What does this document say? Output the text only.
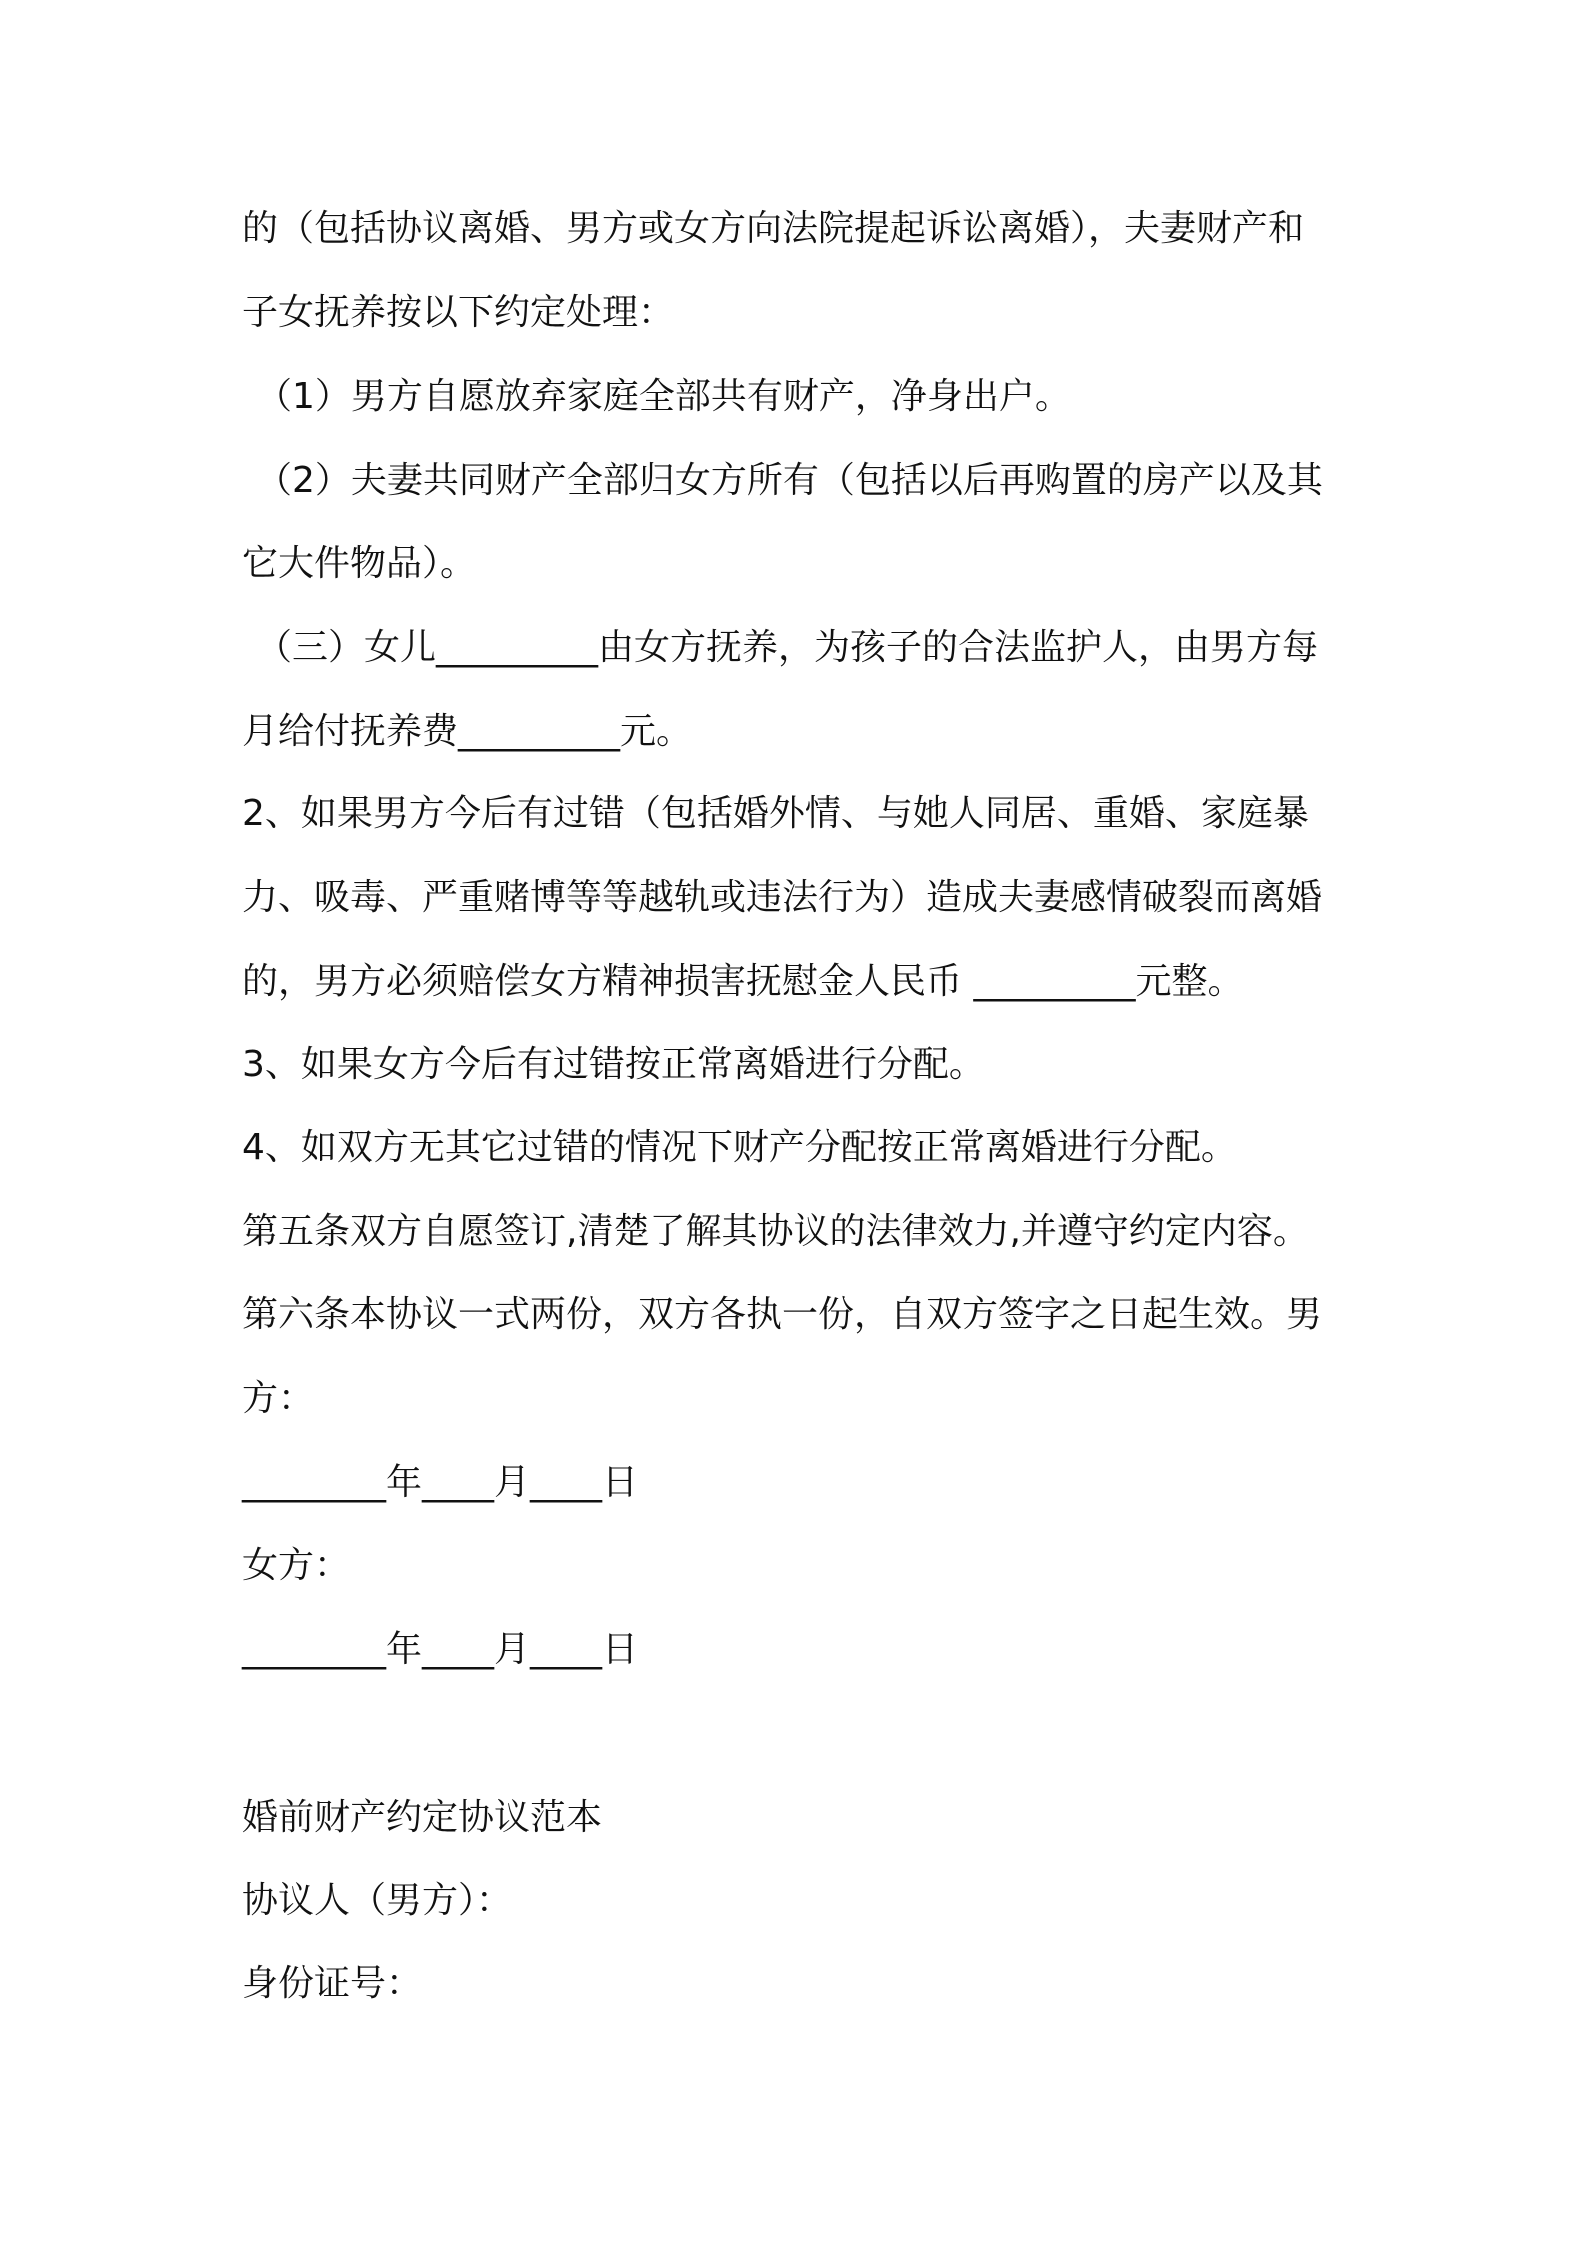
的（包括协议离婚、男方或女方向法院提起诉讼离婚），夫妻财产和
子女抚养按以下约定处理：
（1）男方自愿放弃家庭全部共有财产，净身出户。
（2）夫妻共同财产全部归女方所有（包括以后再购置的房产以及其
它大件物品）。
（三）女儿_________由女方抚养，为孩子的合法监护人，由男方每
月给付抚养费_________元。
2、如果男方今后有过错（包括婚外情、与她人同居、重婚、家庭暴
力、吸毒、严重赌博等等越轨或违法行为）造成夫妻感情破裂而离婚
的，男方必须赔偿女方精神损害抚慰金人民币 _________元整。
3、如果女方今后有过错按正常离婚进行分配。
4、如双方无其它过错的情况下财产分配按正常离婚进行分配。
第五条双方自愿签订,清楚了解其协议的法律效力,并遵守约定内容。
第六条本协议一式两份，双方各执一份，自双方签字之日起生效。男
方：
________年____月____日
女方：
________年____月____日
婚前财产约定协议范本
协议人（男方）：
身份证号：
